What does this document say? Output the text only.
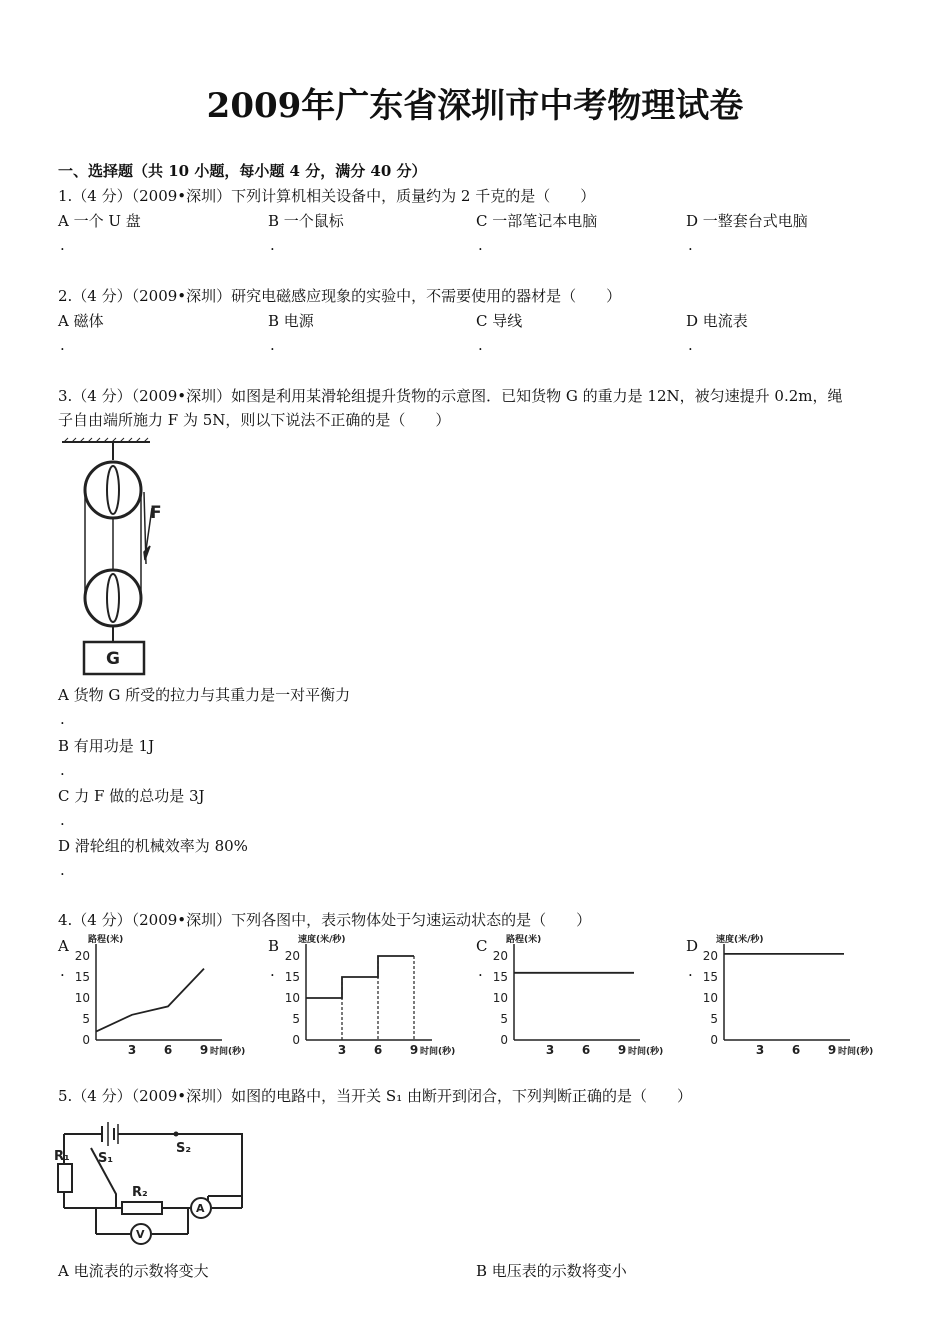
2009年广东省深圳市中考物理试卷
一、选择题（共 10 小题，每小题 4 分，满分 40 分）
1.（4 分）（2009•深圳）下列计算机相关设备中，质量约为 2 千克的是（　　）
A 一个 U 盘	B 一个鼠标	C 一部笔记本电脑	D 一整套台式电脑
.	.	.	.
2.（4 分）（2009•深圳）研究电磁感应现象的实验中，不需要使用的器材是（　　）
A 磁体	B 电源	C 导线	D 电流表
.	.	.	.
3.（4 分）（2009•深圳）如图是利用某滑轮组提升货物的示意图．已知货物 G 的重力是 12N，被匀速提升 0.2m，绳
子自由端所施力 F 为 5N，则以下说法不正确的是（　　）
F
G
A 货物 G 所受的拉力与其重力是一对平衡力
.
B 有用功是 1J
.
C 力 F 做的总功是 3J
.
D 滑轮组的机械效率为 80%
.
4.（4 分）（2009•深圳）下列各图中，表示物体处于匀速运动状态的是（　　）
A	B	C	D
.	.	.	.
路程(米)
20
15
10
5
0
3 6 9 时间(秒)
速度(米/秒)
20
15
10
5
0
3 6 9 时间(秒)
路程(米)
20
15
10
5
0
3 6 9 时间(秒)
速度(米/秒)
20
15
10
5
0
3 6 9 时间(秒)
5.（4 分）（2009•深圳）如图的电路中，当开关 S₁ 由断开到闭合，下列判断正确的是（　　）
R₁
R₂
S₁
S₂
A
V
A 电流表的示数将变大	B 电压表的示数将变小
